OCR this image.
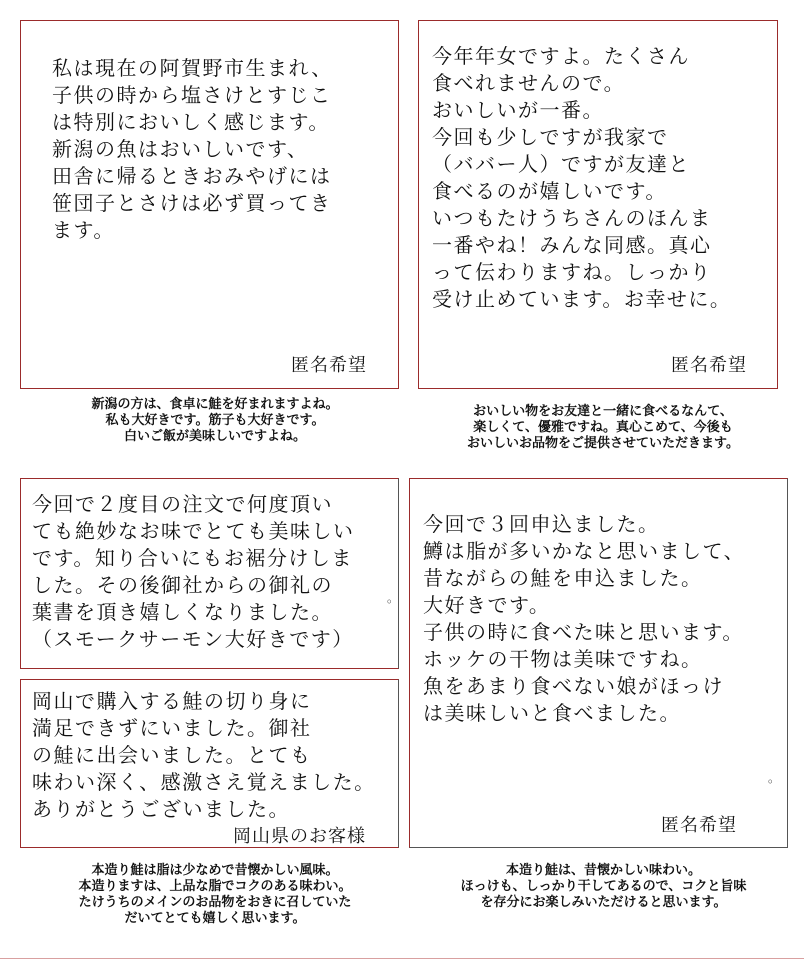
私は現在の阿賀野市生まれ、
子供の時から塩さけとすじこ
は特別においしく感じます。
新潟の魚はおいしいです、
田舎に帰るときおみやげには
笹団子とさけは必ず買ってき
ます。

匿名希望

新潟の方は、食卓に鮭を好まれますよね。
私も大好きです。筋子も大好きです。
白いご飯が美味しいですよね。

今年年女ですよ。たくさん
食べれませんので。
おいしいが一番。
今回も少しですが我家で
（ババー人）ですが友達と
食べるのが嬉しいです。
いつもたけうちさんのほんま
一番やね！みんな同感。真心
って伝わりますね。しっかり
受け止めています。お幸せに。

匿名希望

おいしい物をお友達と一緒に食べるなんて、
楽しくて、優雅ですね。真心こめて、今後も
おいしいお品物をご提供させていただきます。

今回で２度目の注文で何度頂い
ても絶妙なお味でとても美味しい
です。知り合いにもお裾分けしま
した。その後御社からの御礼の
葉書を頂き嬉しくなりました。
（スモークサーモン大好きです）

。

今回で３回申込ました。
鱒は脂が多いかなと思いまして、
昔ながらの鮭を申込ました。
大好きです。
子供の時に食べた味と思います。
ホッケの干物は美味ですね。
魚をあまり食べない娘がほっけ
は美味しいと食べました。

。

匿名希望

本造り鮭は、昔懐かしい味わい。
ほっけも、しっかり干してあるので、コクと旨味
を存分にお楽しみいただけると思います。

岡山で購入する鮭の切り身に
満足できずにいました。御社
の鮭に出会いました。とても
味わい深く、感激さえ覚えました。
ありがとうございました。

岡山県のお客様

本造り鮭は脂は少なめで昔懐かしい風味。
本造りますは、上品な脂でコクのある味わい。
たけうちのメインのお品物をおきに召していた
だいてとても嬉しく思います。
